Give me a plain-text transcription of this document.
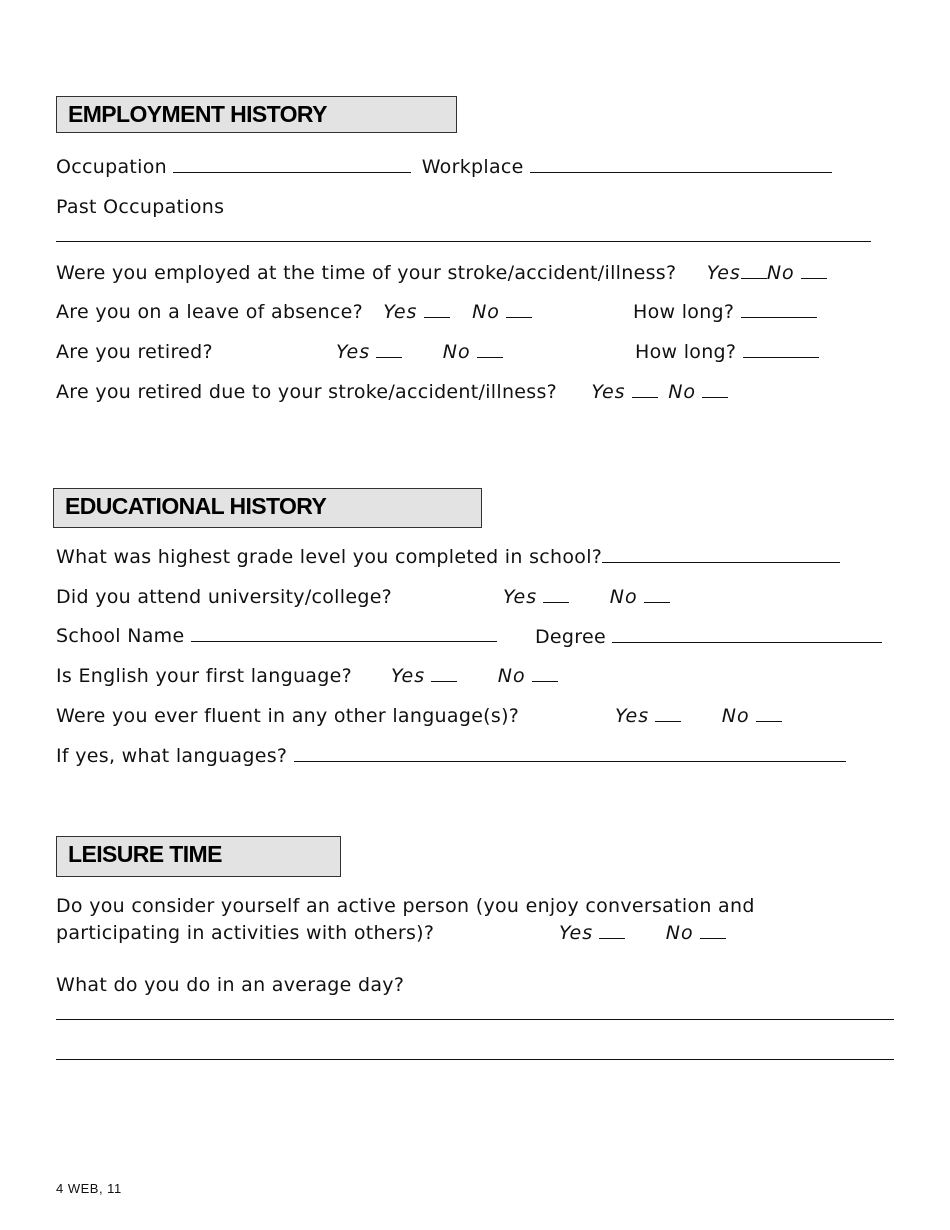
EMPLOYMENT HISTORY
Occupation	Workplace
Past Occupations
Were you employed at the time of your stroke/accident/illness? Yes No
Are you on a leave of absence? Yes	No	How long?
Are you retired?	Yes	No	How long?
Are you retired due to your stroke/accident/illness? Yes No
EDUCATIONAL HISTORY
What was highest grade level you completed in school?
Did you attend university/college?	Yes	No
School Name	Degree
Is English your first language? Yes	No
Were you ever fluent in any other language(s)?	Yes	No
If yes, what languages?
LEISURE TIME
Do you consider yourself an active person (you enjoy conversation and
participating in activities with others)?	Yes	No
What do you do in an average day?
4 WEB, 11
